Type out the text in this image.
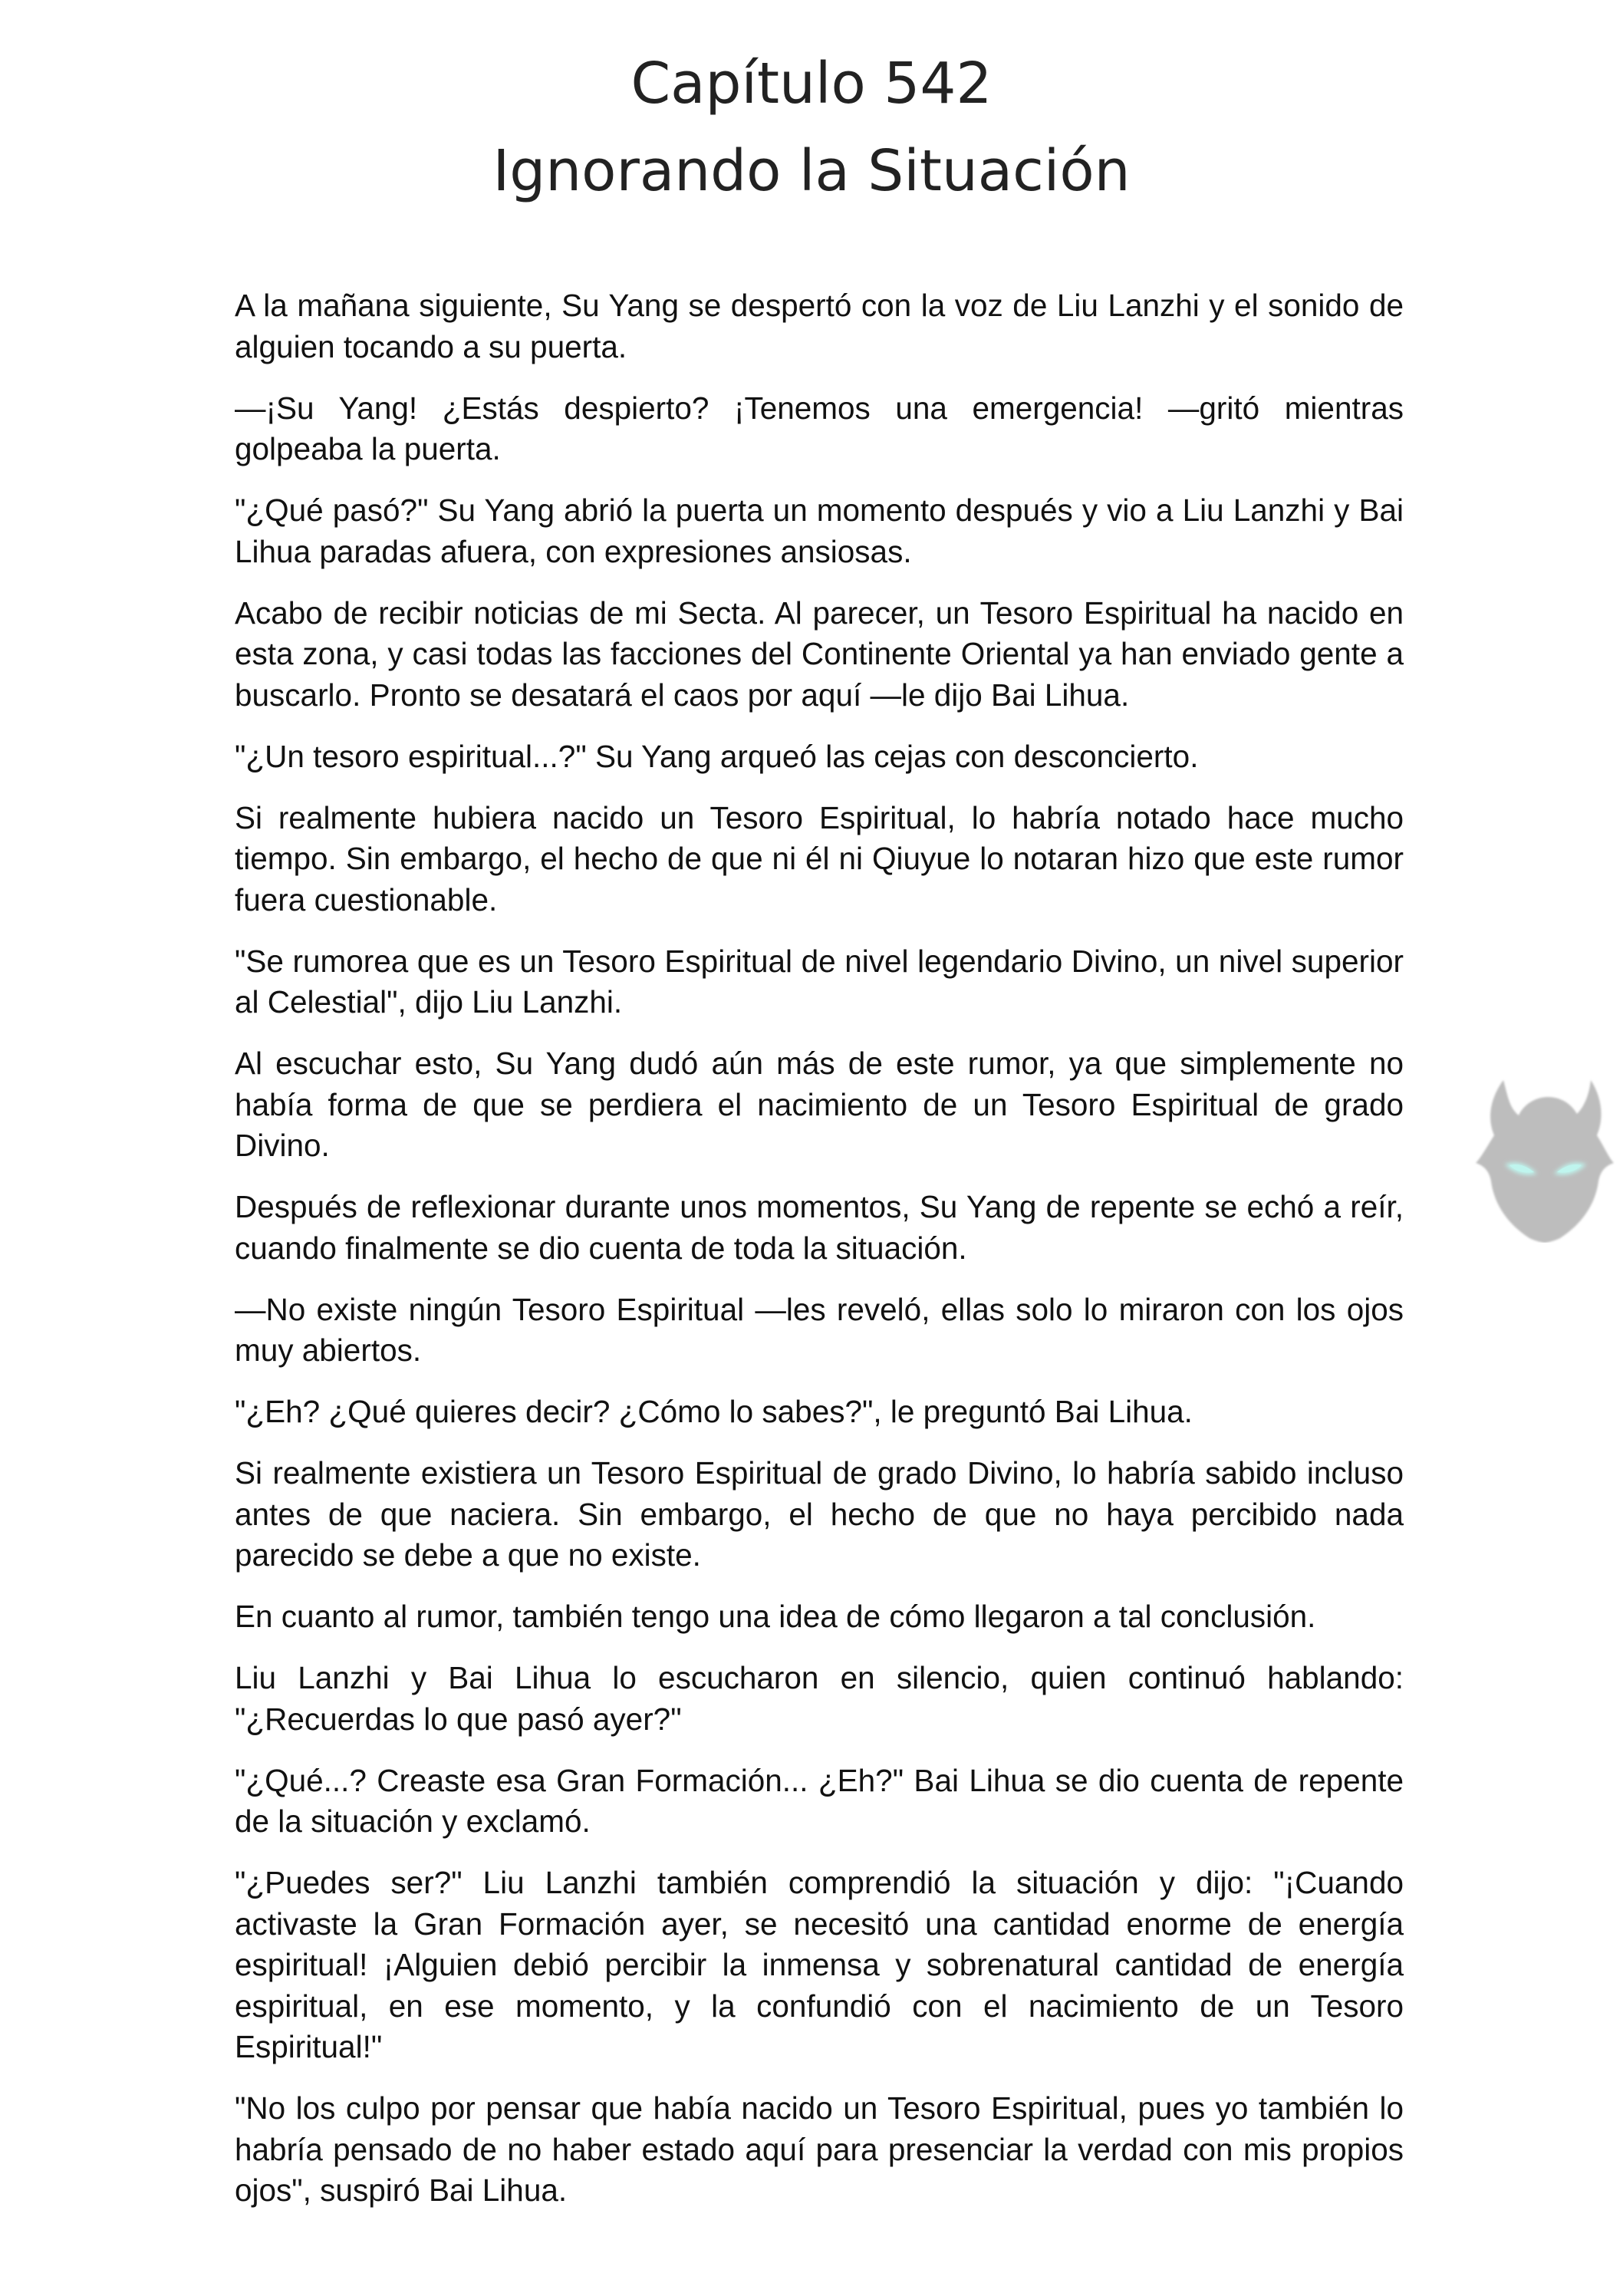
Capítulo 542
Ignorando la Situación

A la mañana siguiente, Su Yang se despertó con la voz de Liu Lanzhi y el sonido de alguien tocando a su puerta.

—¡Su Yang! ¿Estás despierto? ¡Tenemos una emergencia! —gritó mientras golpeaba la puerta.

"¿Qué pasó?" Su Yang abrió la puerta un momento después y vio a Liu Lanzhi y Bai Lihua paradas afuera, con expresiones ansiosas.

Acabo de recibir noticias de mi Secta. Al parecer, un Tesoro Espiritual ha nacido en esta zona, y casi todas las facciones del Continente Oriental ya han enviado gente a buscarlo. Pronto se desatará el caos por aquí —le dijo Bai Lihua.

"¿Un tesoro espiritual...?" Su Yang arqueó las cejas con desconcierto.

Si realmente hubiera nacido un Tesoro Espiritual, lo habría notado hace mucho tiempo. Sin embargo, el hecho de que ni él ni Qiuyue lo notaran hizo que este rumor fuera cuestionable.

"Se rumorea que es un Tesoro Espiritual de nivel legendario Divino, un nivel superior al Celestial", dijo Liu Lanzhi.

Al escuchar esto, Su Yang dudó aún más de este rumor, ya que simplemente no había forma de que se perdiera el nacimiento de un Tesoro Espiritual de grado Divino.

Después de reflexionar durante unos momentos, Su Yang de repente se echó a reír, cuando finalmente se dio cuenta de toda la situación.

—No existe ningún Tesoro Espiritual —les reveló, ellas solo lo miraron con los ojos muy abiertos.

"¿Eh? ¿Qué quieres decir? ¿Cómo lo sabes?", le preguntó Bai Lihua.

Si realmente existiera un Tesoro Espiritual de grado Divino, lo habría sabido incluso antes de que naciera. Sin embargo, el hecho de que no haya percibido nada parecido se debe a que no existe.

En cuanto al rumor, también tengo una idea de cómo llegaron a tal conclusión.

Liu Lanzhi y Bai Lihua lo escucharon en silencio, quien continuó hablando: "¿Recuerdas lo que pasó ayer?"

"¿Qué...? Creaste esa Gran Formación... ¿Eh?" Bai Lihua se dio cuenta de repente de la situación y exclamó.

"¿Puedes ser?" Liu Lanzhi también comprendió la situación y dijo: "¡Cuando activaste la Gran Formación ayer, se necesitó una cantidad enorme de energía espiritual! ¡Alguien debió percibir la inmensa y sobrenatural cantidad de energía espiritual, en ese momento, y la confundió con el nacimiento de un Tesoro Espiritual!"

"No los culpo por pensar que había nacido un Tesoro Espiritual, pues yo también lo habría pensado de no haber estado aquí para presenciar la verdad con mis propios ojos", suspiró Bai Lihua.
